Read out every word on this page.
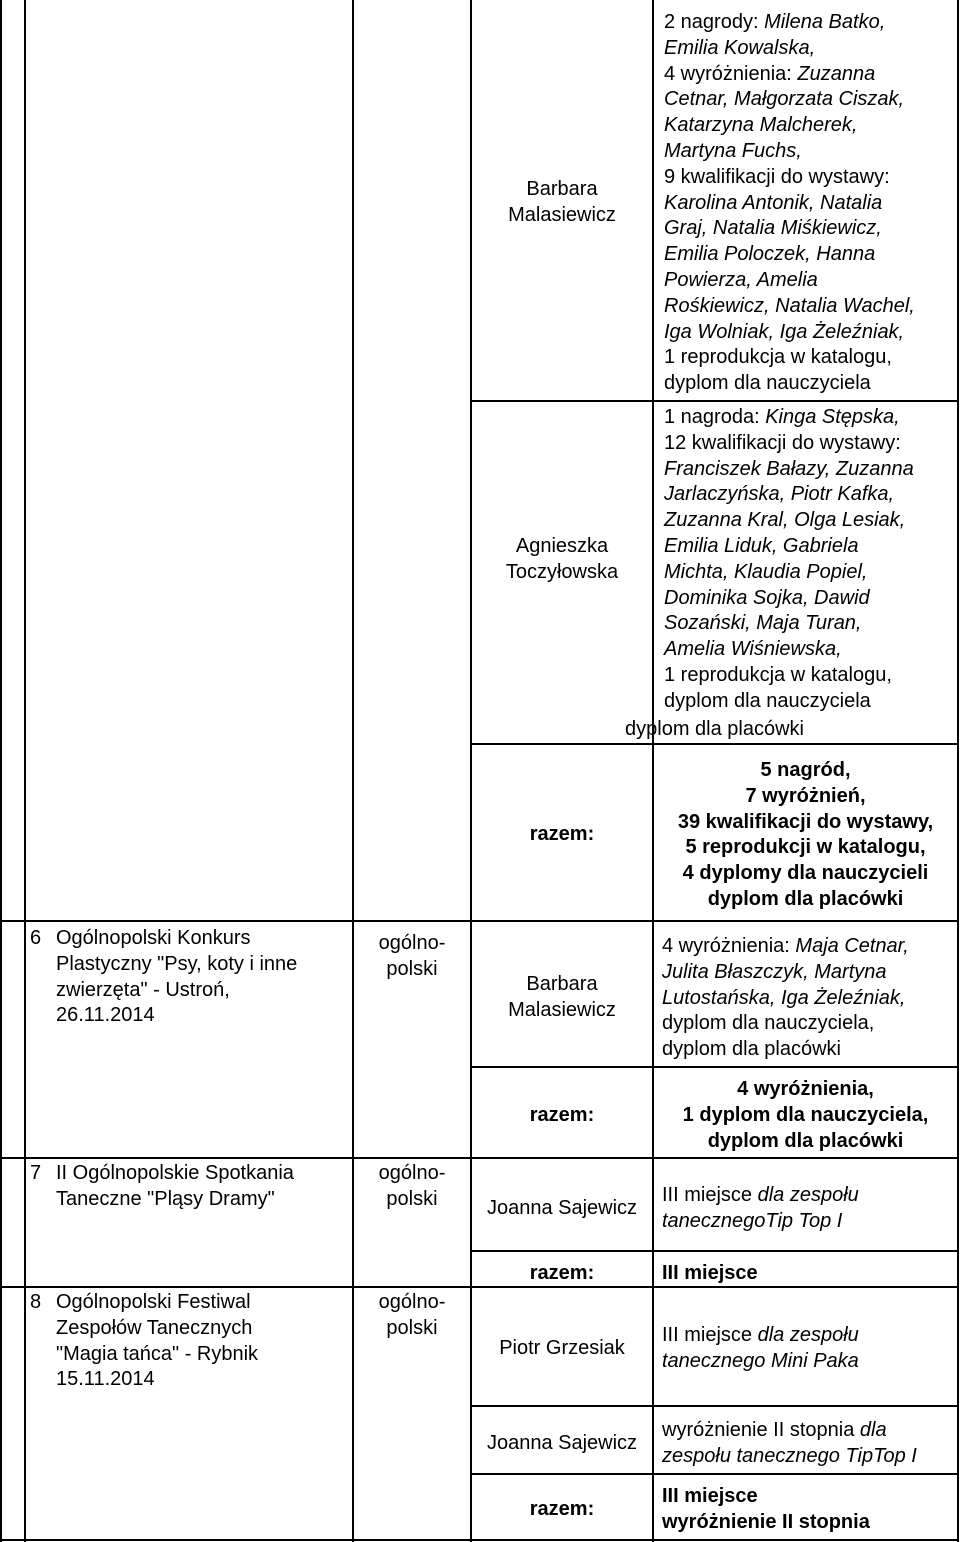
Barbara
Malasiewicz
2 nagrody: Milena Batko,
Emilia Kowalska,
4 wyróżnienia: Zuzanna
Cetnar, Małgorzata Ciszak,
Katarzyna Malcherek,
Martyna Fuchs,
9 kwalifikacji do wystawy:
Karolina Antonik, Natalia
Graj, Natalia Miśkiewicz,
Emilia Poloczek, Hanna
Powierza, Amelia
Rośkiewicz, Natalia Wachel,
Iga Wolniak, Iga Żeleźniak,
1 reprodukcja w katalogu,
dyplom dla nauczyciela
Agnieszka
Toczyłowska
1 nagroda: Kinga Stępska,
12 kwalifikacji do wystawy:
Franciszek Bałazy, Zuzanna
Jarlaczyńska, Piotr Kafka,
Zuzanna Kral, Olga Lesiak,
Emilia Liduk, Gabriela
Michta, Klaudia Popiel,
Dominika Sojka, Dawid
Sozański, Maja Turan,
Amelia Wiśniewska,
1 reprodukcja w katalogu,
dyplom dla nauczyciela
dyplom dla placówki
razem:
5 nagród,
7 wyróżnień,
39 kwalifikacji do wystawy,
5 reprodukcji w katalogu,
4 dyplomy dla nauczycieli
dyplom dla placówki
6 Ogólnopolski Konkurs
Plastyczny "Psy, koty i inne
zwierzęta" - Ustroń,
26.11.2014
ogólno-
polski
Barbara
Malasiewicz
4 wyróżnienia: Maja Cetnar,
Julita Błaszczyk, Martyna
Lutostańska, Iga Żeleźniak,
dyplom dla nauczyciela,
dyplom dla placówki
razem:
4 wyróżnienia,
1 dyplom dla nauczyciela,
dyplom dla placówki
7 II Ogólnopolskie Spotkania
Taneczne "Pląsy Dramy"
ogólno-
polski	Joanna Sajewicz
III miejsce dla zespołu
tanecznegoTip Top I
razem:	III miejsce
8 Ogólnopolski Festiwal
Zespołów Tanecznych
"Magia tańca" - Rybnik
15.11.2014
ogólno-
polski
Piotr Grzesiak
III miejsce dla zespołu
tanecznego Mini Paka
Joanna Sajewicz
wyróżnienie II stopnia dla
zespołu tanecznego TipTop I
razem:
III miejsce
wyróżnienie II stopnia
